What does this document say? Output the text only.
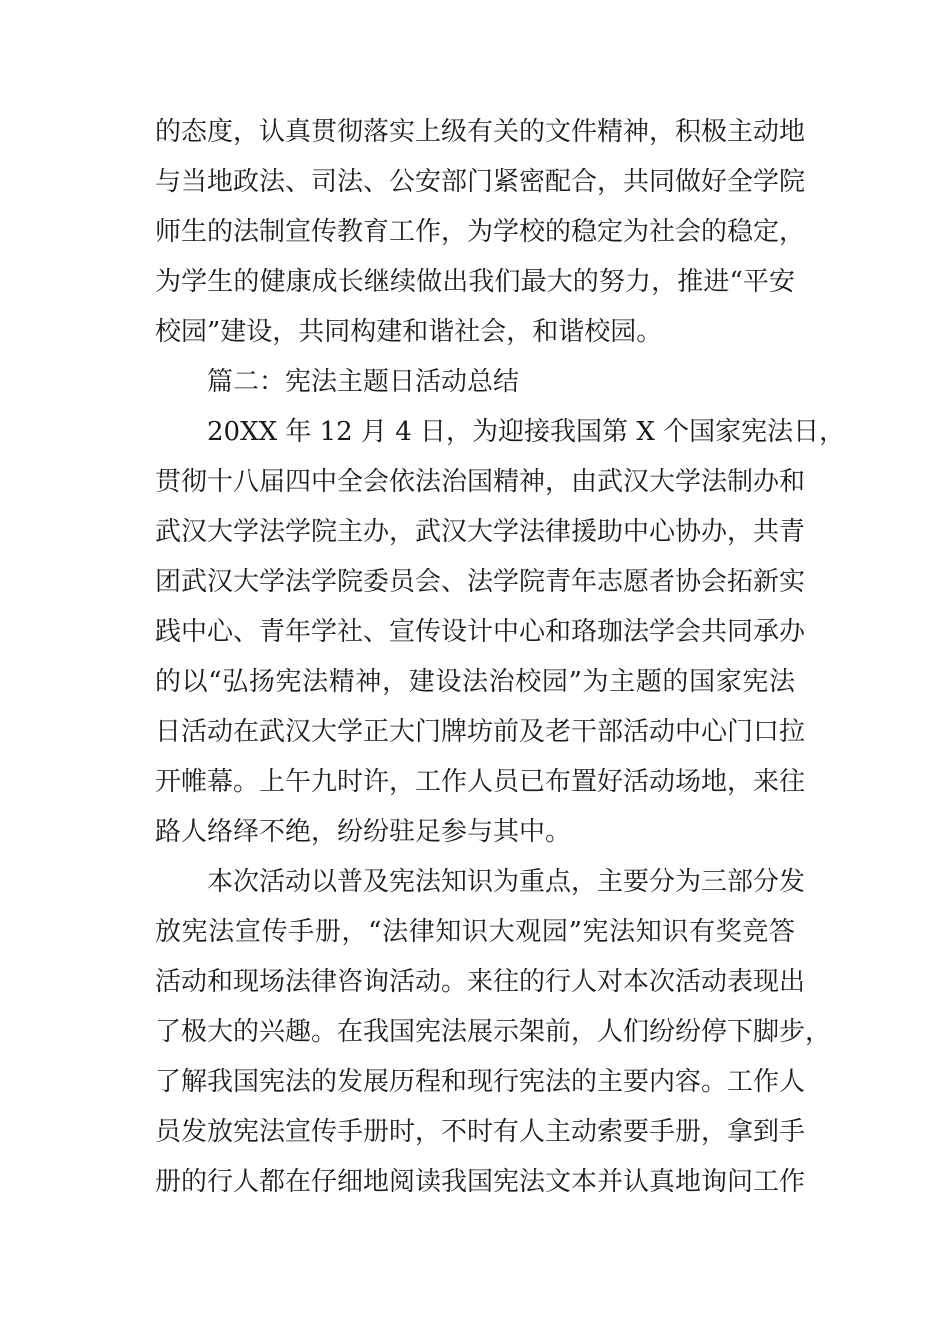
的态度，认真贯彻落实上级有关的文件精神，积极主动地
与当地政法、司法、公安部门紧密配合，共同做好全学院
师生的法制宣传教育工作，为学校的稳定为社会的稳定，
为学生的健康成长继续做出我们最大的努力，推进“平安
校园”建设，共同构建和谐社会，和谐校园。
篇二：宪法主题日活动总结
20XX 年 12 月 4 日，为迎接我国第 X 个国家宪法日，
贯彻十八届四中全会依法治国精神，由武汉大学法制办和
武汉大学法学院主办，武汉大学法律援助中心协办，共青
团武汉大学法学院委员会、法学院青年志愿者协会拓新实
践中心、青年学社、宣传设计中心和珞珈法学会共同承办
的以“弘扬宪法精神，建设法治校园”为主题的国家宪法
日活动在武汉大学正大门牌坊前及老干部活动中心门口拉
开帷幕。上午九时许，工作人员已布置好活动场地，来往
路人络绎不绝，纷纷驻足参与其中。
本次活动以普及宪法知识为重点，主要分为三部分发
放宪法宣传手册，“法律知识大观园”宪法知识有奖竞答
活动和现场法律咨询活动。来往的行人对本次活动表现出
了极大的兴趣。在我国宪法展示架前，人们纷纷停下脚步，
了解我国宪法的发展历程和现行宪法的主要内容。工作人
员发放宪法宣传手册时，不时有人主动索要手册，拿到手
册的行人都在仔细地阅读我国宪法文本并认真地询问工作
